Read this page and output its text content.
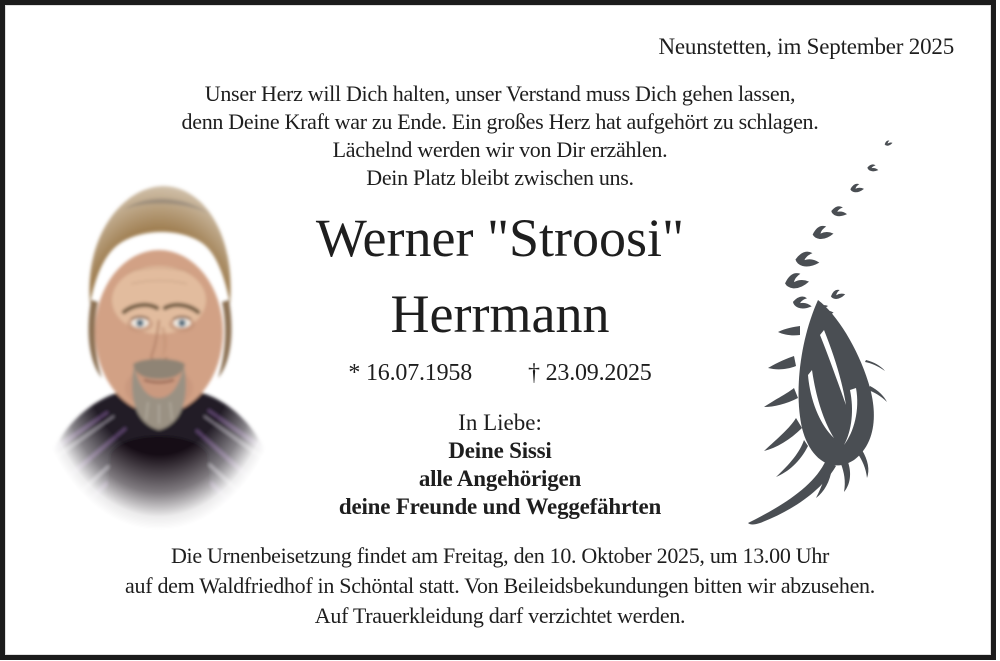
Neunstetten, im September 2025
Unser Herz will Dich halten, unser Verstand muss Dich gehen lassen,
denn Deine Kraft war zu Ende. Ein großes Herz hat aufgehört zu schlagen.
Lächelnd werden wir von Dir erzählen.
Dein Platz bleibt zwischen uns.
Werner "Stroosi"
Herrmann
* 16.07.1958 † 23.09.2025
In Liebe:
Deine Sissi
alle Angehörigen
deine Freunde und Weggefährten
Die Urnenbeisetzung findet am Freitag, den 10. Oktober 2025, um 13.00 Uhr
auf dem Waldfriedhof in Schöntal statt. Von Beileidsbekundungen bitten wir abzusehen.
Auf Trauerkleidung darf verzichtet werden.
